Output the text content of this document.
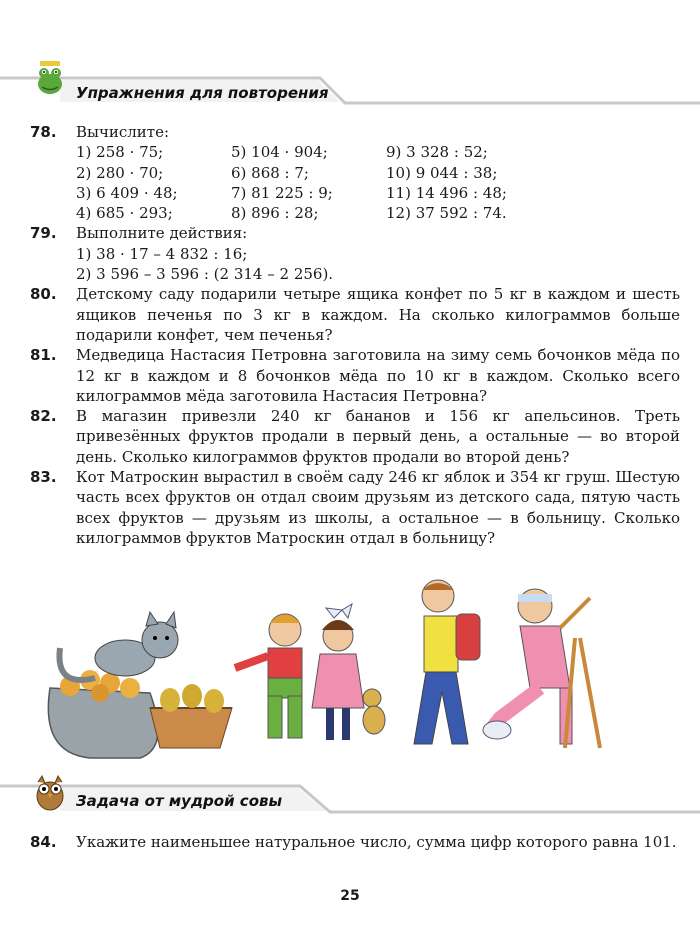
Упражнения для повторения
78.	Вычислите:
1) 258 · 75;	5) 104 · 904;	9) 3 328 : 52;
2) 280 · 70;	6) 868 : 7;	10) 9 044 : 38;
3) 6 409 · 48;	7) 81 225 : 9;	11) 14 496 : 48;
4) 685 · 293;	8) 896 : 28;	12) 37 592 : 74.
79.	Выполните действия:
1) 38 · 17 – 4 832 : 16;
2) 3 596 – 3 596 : (2 314 – 2 256).
80.	Детскому саду подарили четыре ящика конфет по 5 кг в каждом и шесть ящиков печенья по 3 кг в каждом. На сколько килограммов больше подарили конфет, чем печенья?
81.	Медведица Настасия Петровна заготовила на зиму семь бочонков мёда по 12 кг в каждом и 8 бочонков мёда по 10 кг в каждом. Сколько всего килограммов мёда заготовила Настасия Петровна?
82.	В магазин привезли 240 кг бананов и 156 кг апельсинов. Треть привезённых фруктов продали в первый день, а остальные — во второй день. Сколько килограммов фруктов продали во второй день?
83.	Кот Матроскин вырастил в своём саду 246 кг яблок и 354 кг груш. Шестую часть всех фруктов он отдал своим друзьям из детского сада, пятую часть всех фруктов — друзьям из школы, а остальное — в больницу. Сколько килограммов фруктов Матроскин отдал в больницу?
Задача от мудрой совы
84.	Укажите наименьшее натуральное число, сумма цифр которого равна 101.
25
